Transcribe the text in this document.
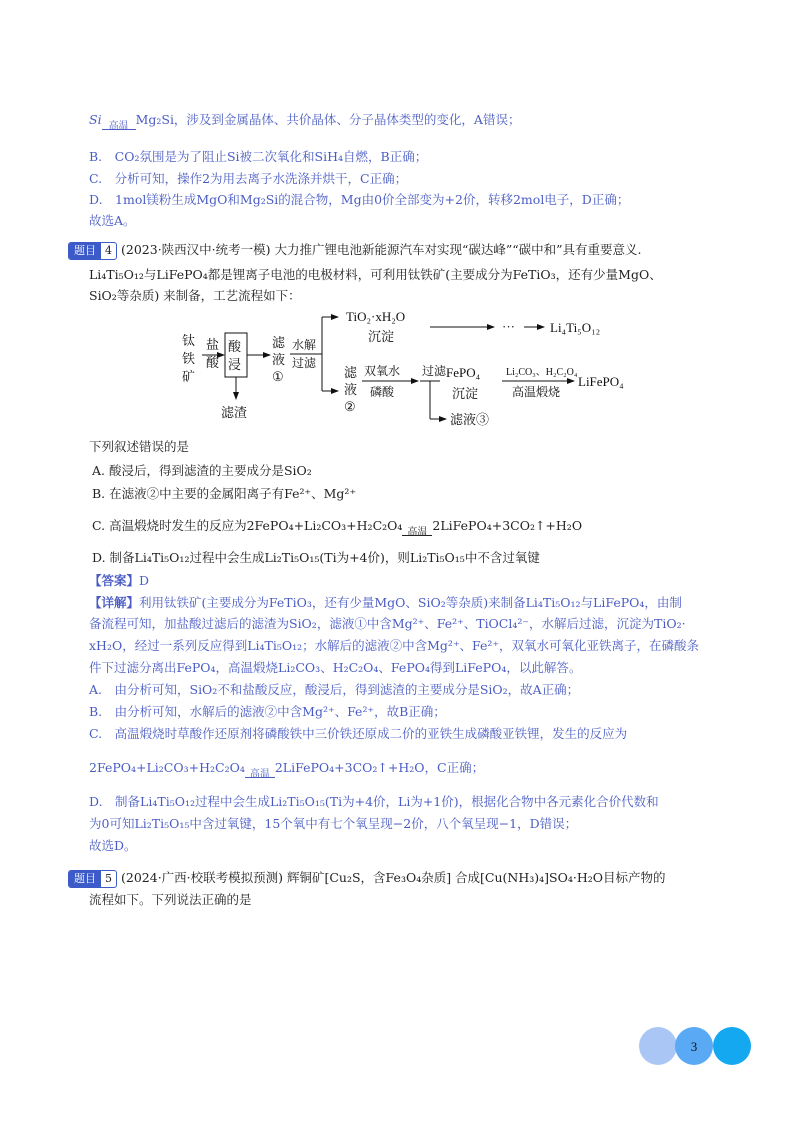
Si 高温 Mg₂Si，涉及到金属晶体、共价晶体、分子晶体类型的变化，A错误；
B.　CO₂氛围是为了阻止Si被二次氧化和SiH₄自燃，B正确；
C.　分析可知，操作2为用去离子水洗涤并烘干，C正确；
D.　1mol镁粉生成MgO和Mg₂Si的混合物，Mg由0价全部变为+2价，转移2mol电子，D正确；
故选A。
题目 4 (2023·陕西汉中·统考一模) 大力推广锂电池新能源汽车对实现“碳达峰”“碳中和”具有重要意义.
Li₄Ti₅O₁₂与LiFePO₄都是锂离子电池的电极材料，可利用钛铁矿(主要成分为FeTiO₃，还有少量MgO、
SiO₂等杂质) 来制备，工艺流程如下：
钛
铁
矿
盐
酸
酸
浸
滤渣
滤
液
①
水解
过滤
TiO₂·xH₂O
沉淀
···	Li₄Ti₅O₁₂
滤
液
②
双氧水
磷酸
过滤
滤液③
FePO₄
沉淀
Li₂CO₃、H₂C₂O₄
高温煅烧
LiFePO₄
下列叙述错误的是
A. 酸浸后，得到滤渣的主要成分是SiO₂
B. 在滤液②中主要的金属阳离子有Fe²⁺、Mg²⁺
C. 高温煅烧时发生的反应为2FePO₄+Li₂CO₃+H₂C₂O₄ 高温 2LiFePO₄+3CO₂↑+H₂O
D. 制备Li₄Ti₅O₁₂过程中会生成Li₂Ti₅O₁₅(Ti为+4价)，则Li₂Ti₅O₁₅中不含过氧键
【答案】D
【详解】利用钛铁矿(主要成分为FeTiO₃，还有少量MgO、SiO₂等杂质)来制备Li₄Ti₅O₁₂与LiFePO₄，由制
备流程可知，加盐酸过滤后的滤渣为SiO₂，滤液①中含Mg²⁺、Fe²⁺、TiOCl₄²⁻，水解后过滤，沉淀为TiO₂·
xH₂O，经过一系列反应得到Li₄Ti₅O₁₂；水解后的滤液②中含Mg²⁺、Fe²⁺，双氧水可氧化亚铁离子，在磷酸条
件下过滤分离出FePO₄，高温煅烧Li₂CO₃、H₂C₂O₄、FePO₄得到LiFePO₄，以此解答。
A.　由分析可知，SiO₂不和盐酸反应，酸浸后，得到滤渣的主要成分是SiO₂，故A正确；
B.　由分析可知，水解后的滤液②中含Mg²⁺、Fe²⁺，故B正确；
C.　高温煅烧时草酸作还原剂将磷酸铁中三价铁还原成二价的亚铁生成磷酸亚铁锂，发生的反应为
2FePO₄+Li₂CO₃+H₂C₂O₄ 高温 2LiFePO₄+3CO₂↑+H₂O，C正确；
D.　制备Li₄Ti₅O₁₂过程中会生成Li₂Ti₅O₁₅(Ti为+4价，Li为+1价)，根据化合物中各元素化合价代数和
为0可知Li₂Ti₅O₁₅中含过氧键，15个氧中有七个氧呈现−2价，八个氧呈现−1，D错误；
故选D。
题目 5 (2024·广西·校联考模拟预测) 辉铜矿[Cu₂S，含Fe₃O₄杂质] 合成[Cu(NH₃)₄]SO₄·H₂O目标产物的
流程如下。下列说法正确的是
3
